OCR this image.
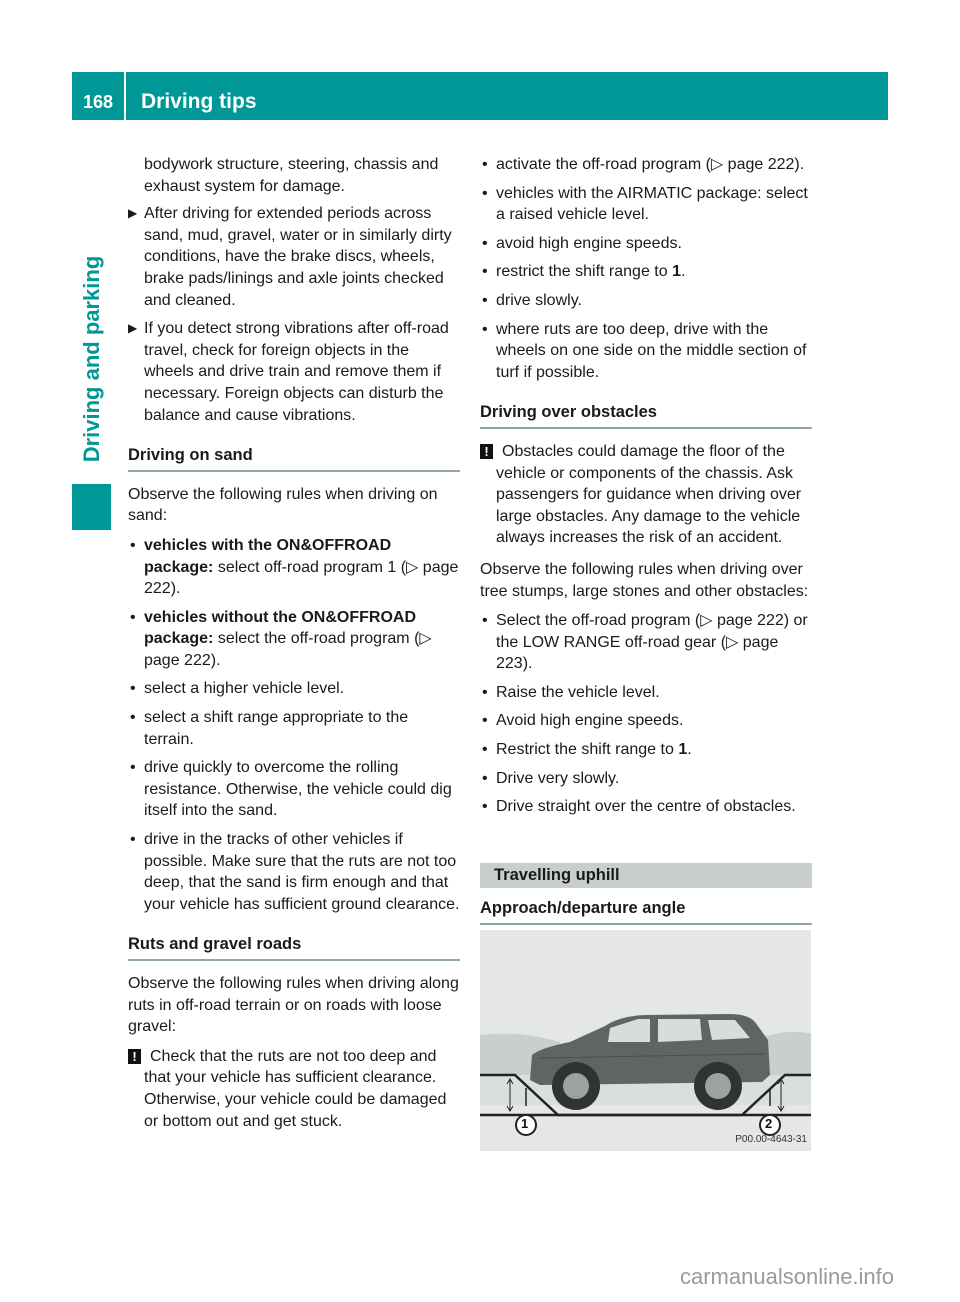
168	Driving tips
Driving and parking

bodywork structure, steering, chassis and exhaust system for damage.

▶ After driving for extended periods across sand, mud, gravel, water or in similarly dirty conditions, have the brake discs, wheels, brake pads/linings and axle joints checked and cleaned.
▶ If you detect strong vibrations after off-road travel, check for foreign objects in the wheels and drive train and remove them if necessary. Foreign objects can disturb the balance and cause vibrations.
Driving on sand

Observe the following rules when driving on sand:

• vehicles with the ON&OFFROAD package: select off-road program 1 (▷ page 222).
• vehicles without the ON&OFFROAD package: select the off-road program (▷ page 222).
• select a higher vehicle level.
• select a shift range appropriate to the terrain.
• drive quickly to overcome the rolling resistance. Otherwise, the vehicle could dig itself into the sand.
• drive in the tracks of other vehicles if possible. Make sure that the ruts are not too deep, that the sand is firm enough and that your vehicle has sufficient ground clearance.
Ruts and gravel roads

Observe the following rules when driving along ruts in off-road terrain or on roads with loose gravel:

! Check that the ruts are not too deep and that your vehicle has sufficient clearance. Otherwise, your vehicle could be damaged or bottom out and get stuck.
• activate the off-road program (▷ page 222).
• vehicles with the AIRMATIC package: select a raised vehicle level.
• avoid high engine speeds.
• restrict the shift range to 1.
• drive slowly.
• where ruts are too deep, drive with the wheels on one side on the middle section of turf if possible.
Driving over obstacles
! Obstacles could damage the floor of the vehicle or components of the chassis. Ask passengers for guidance when driving over large obstacles. Any damage to the vehicle always increases the risk of an accident.

Observe the following rules when driving over tree stumps, large stones and other obstacles:

• Select the off-road program (▷ page 222) or the LOW RANGE off-road gear (▷ page 223).
• Raise the vehicle level.
• Avoid high engine speeds.
• Restrict the shift range to 1.
• Drive very slowly.
• Drive straight over the centre of obstacles.
Travelling uphill
Approach/departure angle
1	2
P00.00-4643-31
carmanualsonline.info
